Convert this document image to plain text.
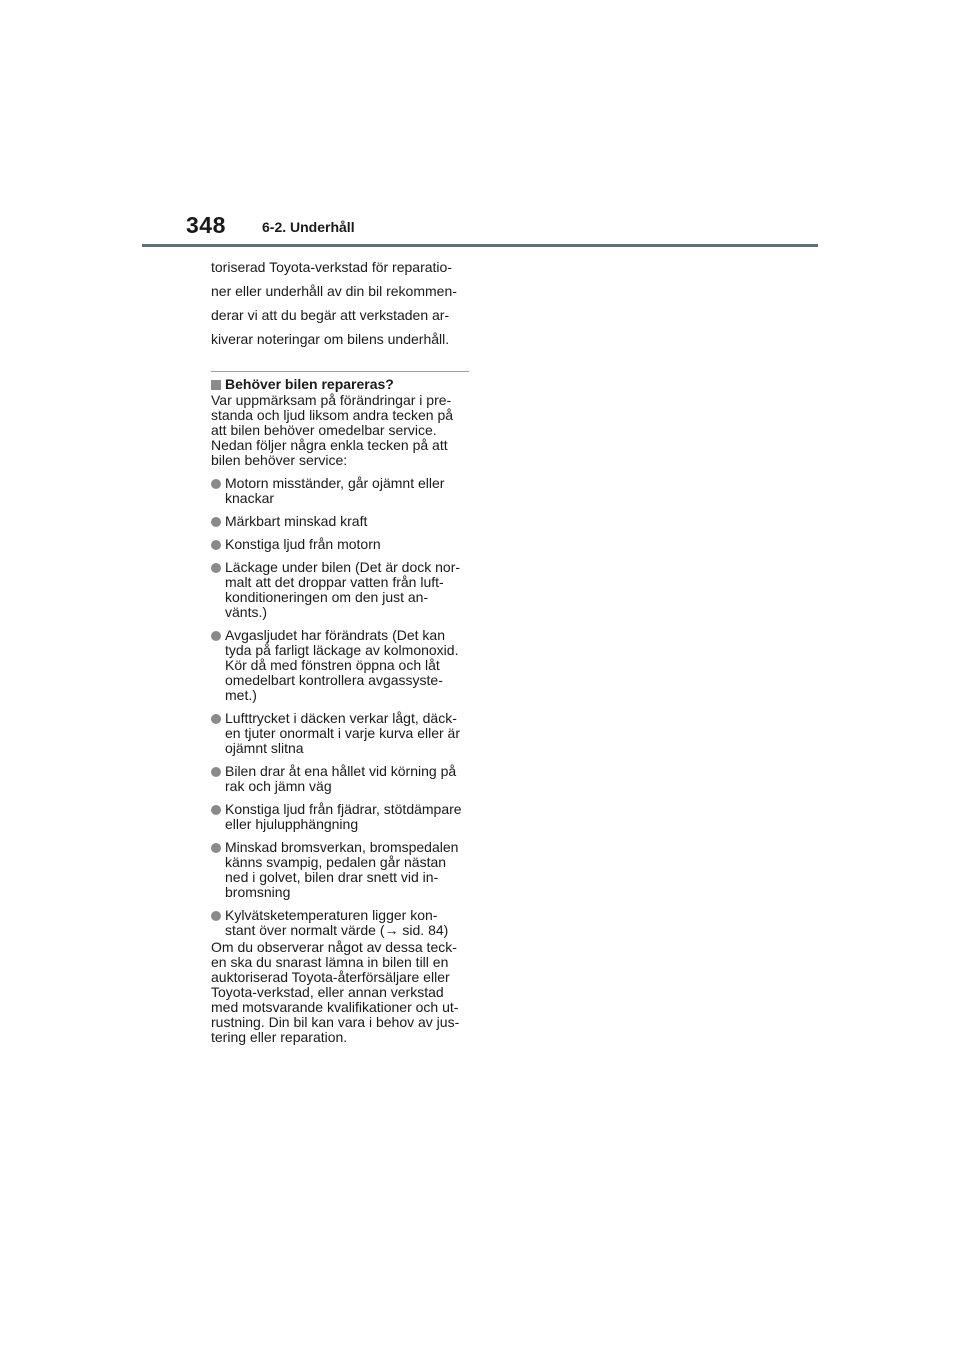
348	6-2. Underhåll

toriserad Toyota-verkstad för reparatio-
ner eller underhåll av din bil rekommen-
derar vi att du begär att verkstaden ar-
kiverar noteringar om bilens underhåll.

Behöver bilen repareras?

Var uppmärksam på förändringar i pre-
standa och ljud liksom andra tecken på
att bilen behöver omedelbar service.
Nedan följer några enkla tecken på att
bilen behöver service:

Motorn misständer, går ojämnt eller
knackar
Märkbart minskad kraft
Konstiga ljud från motorn
Läckage under bilen (Det är dock nor-
malt att det droppar vatten från luft-
konditioneringen om den just an-
vänts.)
Avgasljudet har förändrats (Det kan
tyda på farligt läckage av kolmonoxid.
Kör då med fönstren öppna och låt
omedelbart kontrollera avgassyste-
met.)
Lufttrycket i däcken verkar lågt, däck-
en tjuter onormalt i varje kurva eller är
ojämnt slitna
Bilen drar åt ena hållet vid körning på
rak och jämn väg
Konstiga ljud från fjädrar, stötdämpare
eller hjulupphängning
Minskad bromsverkan, bromspedalen
känns svampig, pedalen går nästan
ned i golvet, bilen drar snett vid in-
bromsning
Kylvätsketemperaturen ligger kon-
stant över normalt värde (→ sid. 84)

Om du observerar något av dessa teck-
en ska du snarast lämna in bilen till en
auktoriserad Toyota-återförsäljare eller
Toyota-verkstad, eller annan verkstad
med motsvarande kvalifikationer och ut-
rustning. Din bil kan vara i behov av jus-
tering eller reparation.
